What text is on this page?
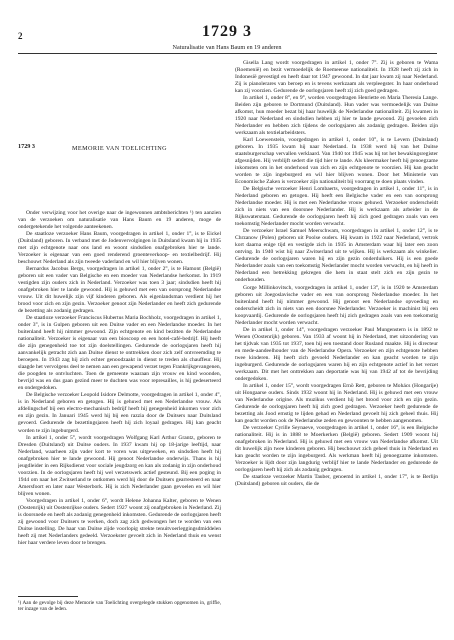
2	1729 3
Naturalisatie van Hans Baum en 19 anderen
1729 3	MEMORIE VAN TOELICHTING

Onder verwijzing voor het overige naar de ingewonnen ambtsberichten ¹) ten aanzien van de verzoeken om naturalisatie van Hans Baum en 19 anderen, moge de ondergetekende het volgende aanteekenen.

De staatloze verzoeker Hans Baum, voorgedragen in artikel 1, onder 1°, is te Eickel (Duitsland) geboren. In verband met de Jodenvervolgingen in Duitsland kwam hij in 1935 met zijn echtgenote naar ons land en woont sindsdien onafgebroken hier te lande. Verzoeker is eigenaar van een goed renderend groenteverkoop- en textielbedrijf. Hij beschouwt Nederland als zijn tweede vaderland en wil hier blijven wonen.

Bernardus Jacobus Bergs, voorgedragen in artikel 1, onder 2°, is te Hamont (België) geboren uit een vader van Belgische en een moeder van Nederlandse herkomst. In 1919 vestigden zijn ouders zich in Nederland. Verzoeker was toen 3 jaar; sindsdien heeft hij onafgebroken hier te lande gewoond. Hij is gehuwd met een van oorsprong Nederlandse vrouw. Uit dit huwelijk zijn vijf kinderen geboren. Als eigenlandsman verdient hij het brood voor zich en zijn gezin. Verzoeker genoot zijn Nederlander en heeft zich gedurende de bezetting als zodanig gedragen.

De staatloze verzoeker Franciscus Hubertus Maria Bochholz, voorgedragen in artikel 1, onder 3°, is in Gulpen geboren uit een Duitse vader en een Nederlandse moeder. In het buitenland heeft hij nimmer gewoond. Zijn echtgenote en kind bezitten de Nederlandse nationaliteit. Verzoeker is eigenaar van een bioscoop en een hotel-café-bedrijf. Hij heeft die zijn genegenheid toe tot zijn doelstellingen. Gedurende de oorlogsjaren heeft hij aanvankelijk getracht zich aan Duitse dienst te onttrekken door zich zelf ontvreemding te beroepen. In 1943 zag hij zich echter genoodzaakt in dienst te treden als chauffeur. Hij slaagde het vervolgens deel te nemen aan een gewapend verzet tegen Frankrijkgevangenen, die poogden te ontvluchten. Toen de gemeente waaraan zijn vrouw en kind woonden, bevrijd was en dus gaan gezind meer te duchten was voor represailles, is hij gedeserteerd en ondergedoken.

De Belgische verzoeker Leopold Isidore Delmotte, voorgedragen in artikel 1, onder 4°, is in Nederland geboren en getogen. Hij is gehuwd met een Nederlandse vrouw. Als afdelingschef bij een electro-mechanisch bedrijf heeft hij genegenheid inkomen voor zich en zijn gezin. In Januari 1945 werd hij bij een razzia door de Duitsers naar Duitsland gevoerd. Gedurende de bezettingsjaren heeft hij zich loyaal gedragen. Hij kan geacht worden te zijn ingeburgerd.

In artikel 1, onder 5°, wordt voorgedragen Wolfgang Karl Arthur Grantz, geboren te Dresden (Duitsland) uit Duitse ouders. In 1937 kwam hij op 18-jarige leeftijd, naar Nederland, waarheen zijn vader kort te voren was uitgeweken, en sindsdien heeft hij onafgebroken hier te lande gewoond. Hij genoot Nederlandse onderwijs. Thans is hij jeugdleider in een Rijksdienst voor sociale jeugdzorg en kan als zodanig in zijn onderhoud voorzien. In de oorlogsjaren heeft hij wel verzetswerk actief gesteund. Bij een poging in 1944 om naar het Zwitserland te ontkomen werd hij door de Duitsers gearresteerd en naar Amersfoort en later naar Westerbork. Hij is zich Nederlander gaan gevoelen en wil hier blijven wonen.

Voorgedragen in artikel 1, onder 6°, wordt Helene Johanna Kalter, geboren te Wenen (Oostenrijk) uit Oostenrijkse ouders. Sedert 1927 woont zij onafgebroken in Nederland. Zij is doorsnede en heeft als zodanig genegenheid inkomsten. Gedurende de oorlogsjaren heeft zij gewoond voor Duitsers te werken, doch zag zich gedwongen het te worden van een Duitse instelling. De haar van Duitse zijde voorlopig strekte tenuitvoerleggingsdmiddelen heeft zij met Nederlanders gedeeld. Verzoekster gevoelt zich in Nederland thuis en wenst hier haar verdere leven door te brengen.

¹) Aan de gevolge bij deze Memorie van Toelichting overgelegde stukken opgenomen in, griffie, ter inzage van de leden.

Gisella Lang wordt voorgedragen in artikel 1, onder 7°. Zij is geboren te Wama (Roemenië) en bezit vermoedelijk de Roemeense nationaliteit. In 1928 heeft zij zich in Indonesië gevestigd en heeft daar tot 1947 gewoond. In dat jaar kwam zij naar Nederland. Zij is pianolerares van beroep en is tevens werkzaam als verpleegster. In haar onderhoud kan zij voorzien. Gedurende de oorlogsjaren heeft zij zich goed gedragen.

In artikel 1, onder 8°, en 9°, worden voorgedragen Henriette en Maria Theresia Lange. Beiden zijn geboren te Dortmund (Duitsland). Hun vader was vermoedelijk van Duitse afkomst, hun moeder bezat bij haar huwelijk de Nederlandse nationaliteit. Zij kwamen in 1920 naar Nederland en sindsdien hebben zij hier te lande gewoond. Zij gevoelen zich Nederlander en hebben zich tijdens de oorlogsjaren als zodanig gedragen. Beiden zijn werkzaam als textielarbeidsters.

Karl Loewenstein, voorgedragen in artikel 1, onder 10°, is te Levern (Duitsland) geboren. In 1935 kwam hij naar Nederland. In 1938 werd hij van het Duitse staatsburgerschap vervallen verklaard. Van 1940 tot 1945 was hij tot het bewakingsregister afgesnijden. Hij verblijft sedert die tijd hier te lande. Als kleermaker heeft hij genoegzame inkomsten om in het onderhoud van zich en zijn echtgenote te voorzien. Hij kan geacht worden te zijn ingeburgerd en wil hier blijven wonen. Door het Ministerie van Economische Zaken is verzoeker zijn nationaliteit bij voorrang te doen plaats vinden.

De Belgische verzoeker Henri Lombaerts, voorgedragen in artikel 1, onder 11°, is in Nederland geboren en getogen. Hij heeft een Belgische vader en een van oorsprong Nederlandse moeder. Hij is met een Nederlandse vrouw gehuwd. Verzoeker onderscheidt zich in niets van een doorsnee Nederlander. Hij is werkzaam als arbeider in de Rijkswaterstaat. Gedurende de oorlogsjaren heeft hij zich goed gedragen zoals van een toekomstig Nederlander mocht worden verwacht.

De verzoeker Israel Samuel Meerschwam, voorgedragen in artikel 1, onder 12°, is te Chrzanow (Polen) geboren uit Poolse ouders. Hij kwam in 1922 naar Nederland, vertrok kort daarna enige tijd en vestigde zich in 1935 in Amsterdam waar hij later een zoon ontving. In 1940 wist hij naar Zwitserland uit te wijken. Hij is werkzaam als winkelier. Gedurende de oorlogsjaren waren hij en zijn gezin onderduikers. Hij is een goede Nederlander zoals van een toekomstig Nederlander mocht worden verwacht, en hij heeft in Nederland een betrekking gekregen die hem in staat stelt zich en zijn gezin te onderhouden.

Gorge Millinkovitsch, voorgedragen in artikel 1, onder 13°, is in 1920 te Amsterdam geboren uit Joegoslavische vader en een van oorsprong Nederlandse moeder. In het buitenland heeft hij nimmer gewoond. Hij genoot een Nederlandse opvoeding en onderscheidt zich in niets van een doorsnee Nederlander. Verzoeker is machinist bij een koopvaardij. Gedurende de oorlogsjaren heeft hij zich gedragen zoals van een toekomstig Nederlander mocht worden verwacht.

De in artikel 1, onder 14°, voorgedragen verzoeker Paul Mungenstern is in 1892 te Wenen (Oostenrijk) geboren. Van 1933 af woont hij in Nederland, met uitzondering van het tijdvak van 1935 tot 1937, toen hij een toestand door Rusland maakte. Hij is directeur en mede-aandeelhouder van de Nederlandse Opera. Verzoeker en zijn echtgenote hebben twee kinderen. Hij heeft zich gevoeld Nederlander en kan geacht worden te zijn ingeburgerd. Gedurende de oorlogsjaren waren hij en zijn echtgenote actief in het verzet werkzaam. Dit met het onttrekken aan deportatie was hij van 1942 af tot de bevrijding ondergedoken.

In artikel 1, onder 15°, wordt voorgedragen Ernö Rett, geboren te Mohács (Hongarije) uit Hongaarse ouders. Sinds 1932 woont hij in Nederland. Hij is gehuwd met een vrouw van Nederlandse origine. Als muzikus verdient hij het brood voor zich en zijn gezin. Gedurende de oorlogsjaren heeft hij zich goed gedragen. Verzoeker heeft gedurende de bezetting als Jood ernstig te lijden gehad en Nederland gevoelt hij zich geheel thuis. Hij kan geacht worden ook de Nederlandse zeden en gewoonten te hebben aangenomen.

De verzoeker Cyrille Seynaeve, voorgedragen in artikel 1, onder 16°, is een Belgische nationaliteit. Hij is in 1888 te Moerkerken (België) geboren. Sedert 1909 woont hij onafgebroken in Nederland. Hij is gehuwd met een vrouw van Nederlandse afkomst. Uit dit huwelijk zijn twee kinderen geboren. Hij beschouwt zich geheel thuis in Nederland en kan geacht worden te zijn ingeburgerd. Als werkman heeft hij genoegzame inkomsten. Verzoeker is lijdt door zijn langdurig verblijf hier te lande Nederlander en gedurende de oorlogsjaren heeft hij zich als zodanig gedragen.

De staatloze verzoeker Martin Tauber, genoemd in artikel 1, onder 17°, is te Berlijn (Duitsland) geboren uit ouders, die de
